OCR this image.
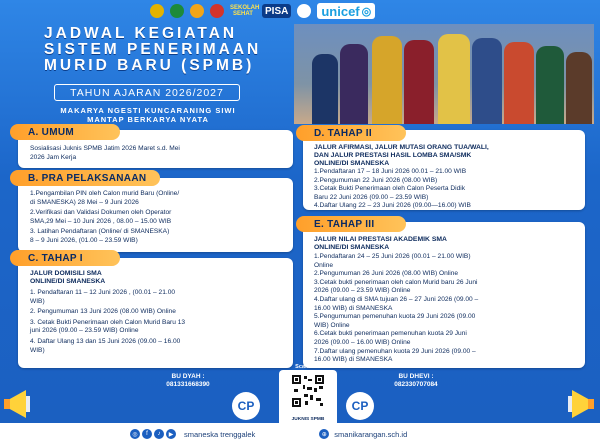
SEKOLAH SEHAT	PISA	unicef ◎
JADWAL KEGIATAN
SISTEM PENERIMAAN
MURID BARU (SPMB)
TAHUN AJARAN 2026/2027
MAKARYA NGESTI KUNCARANING SIWI
MANTAP BERKARYA NYATA
A. UMUM
Sosialisasi Juknis SPMB Jatim 2026 Maret s.d. Mei
2026 Jam Kerja
B. PRA PELAKSANAAN
1.Pengambilan PIN oleh Calon murid Baru (Online/
di SMANESKA) 28 Mei – 9 Juni 2026
2.Verifikasi dan Validasi Dokumen oleh Operator
SMA,29 Mei – 10 Juni 2026 , 08.00 – 15.00 WIB
3. Latihan Pendaftaran (Online/ di SMANESKA)
8 – 9 Juni 2026, (01.00 – 23.59 WIB)
C. TAHAP I
JALUR DOMISILI SMA
ONLINE/DI SMANESKA
1. Pendaftaran 11 – 12 Juni 2026 , (00.01 – 21.00
WIB)
2. Pengumuman 13 Juni 2026 (08.00 WIB) Online
3. Cetak Bukti Penerimaan oleh Calon Murid Baru 13
juni 2026 (09.00 – 23.59 WIB) Online
4. Daftar Ulang 13 dan 15 Juni 2026 (09.00 – 16.00
WIB)
D. TAHAP II
JALUR AFIRMASI, JALUR MUTASI ORANG TUA/WALI,
DAN JALUR PRESTASI HASIL LOMBA SMA/SMK
ONLINE/DI SMANESKA
1.Pendaftaran 17 – 18 Juni 2026 00.01 – 21.00 WIB
2.Pengumuman 22 Juni 2026 (08.00 WIB)
3.Cetak Bukti Penerimaan oleh Calon Peserta Didik
Baru 22 Juni 2026 (09.00 – 23.59 WIB)
4.Daftar Ulang 22 – 23 Juni 2026 (09.00—16.00) WIB
E. TAHAP III
JALUR NILAI PRESTASI AKADEMIK SMA
ONLINE/DI SMANESKA
1.Pendaftaran 24 – 25 Juni 2026 (00.01 – 21.00 WIB)
Online
2.Pengumuman 26 Juni 2026 (08.00 WIB) Online
3.Cetak bukti penerimaan oleh calon Murid baru 26 Juni
2026 (09.00 – 23.59 WIB) Online
4.Daftar ulang di SMA tujuan 26 – 27 Juni 2026 (09.00 –
16.00 WIB) di SMANESKA
5.Pengumuman pemenuhan kuota 29 Juni 2026 (09.00
WIB) Online
6.Cetak bukti penerimaan pemenuhan kuota 29 Juni
2026 (09.00 – 16.00 WIB) Online
7.Daftar ulang pemenuhan kuota 29 Juni 2026 (09.00 –
16.00 WIB) di SMANESKA
BU DYAH :
081331668390
BU DHEVI :
082330707084
CP	CP
Scan Me :
JUKNIS SPMB
◎	f	♪	▶	smaneska trenggalek	⊕ smanikarangan.sch.id
